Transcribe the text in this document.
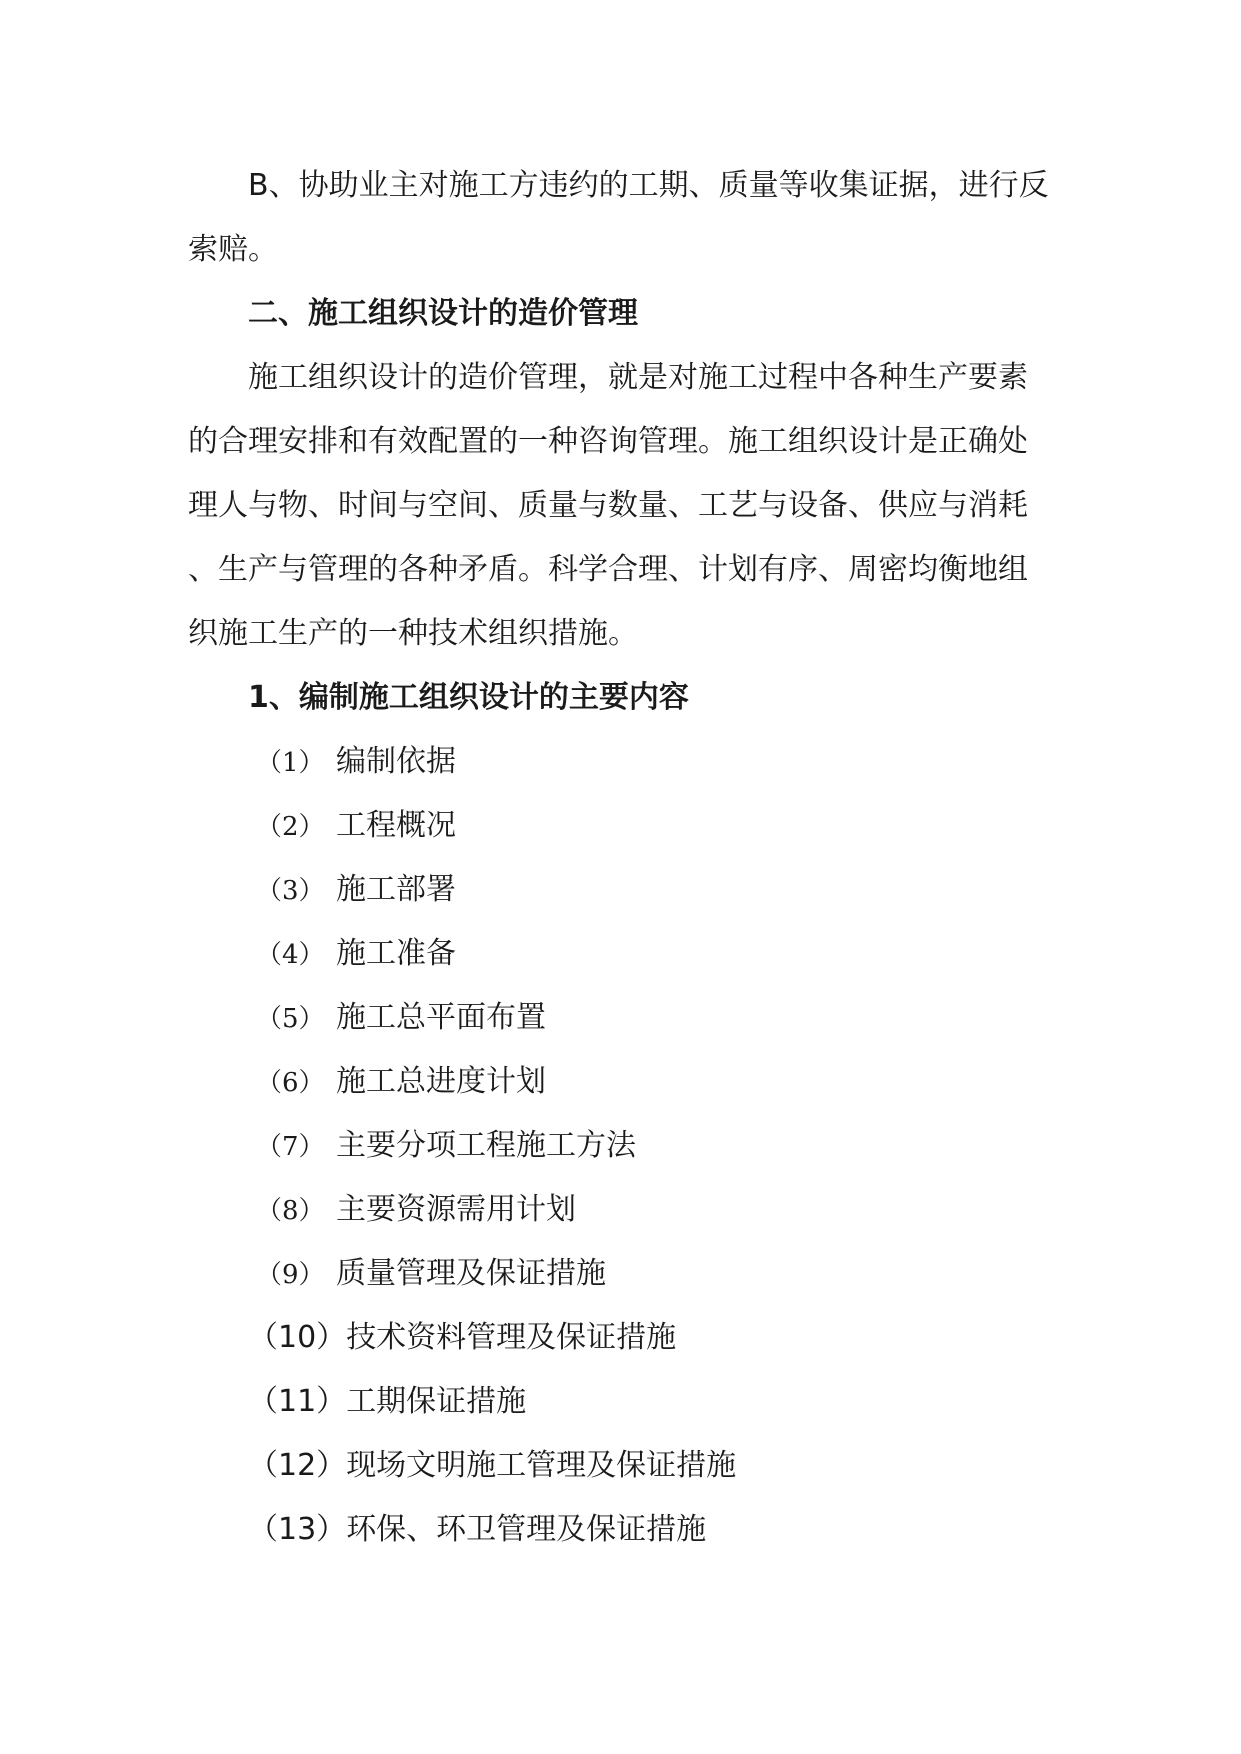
B、协助业主对施工方违约的工期、质量等收集证据，进行反

索赔。

二、施工组织设计的造价管理

施工组织设计的造价管理，就是对施工过程中各种生产要素

的合理安排和有效配置的一种咨询管理。施工组织设计是正确处

理人与物、时间与空间、质量与数量、工艺与设备、供应与消耗

、生产与管理的各种矛盾。科学合理、计划有序、周密均衡地组

织施工生产的一种技术组织措施。

1、编制施工组织设计的主要内容

（1） 编制依据

（2） 工程概况

（3） 施工部署

（4） 施工准备

（5） 施工总平面布置

（6） 施工总进度计划

（7） 主要分项工程施工方法

（8） 主要资源需用计划

（9） 质量管理及保证措施

（10）技术资料管理及保证措施

（11）工期保证措施

（12）现场文明施工管理及保证措施

（13）环保、环卫管理及保证措施
